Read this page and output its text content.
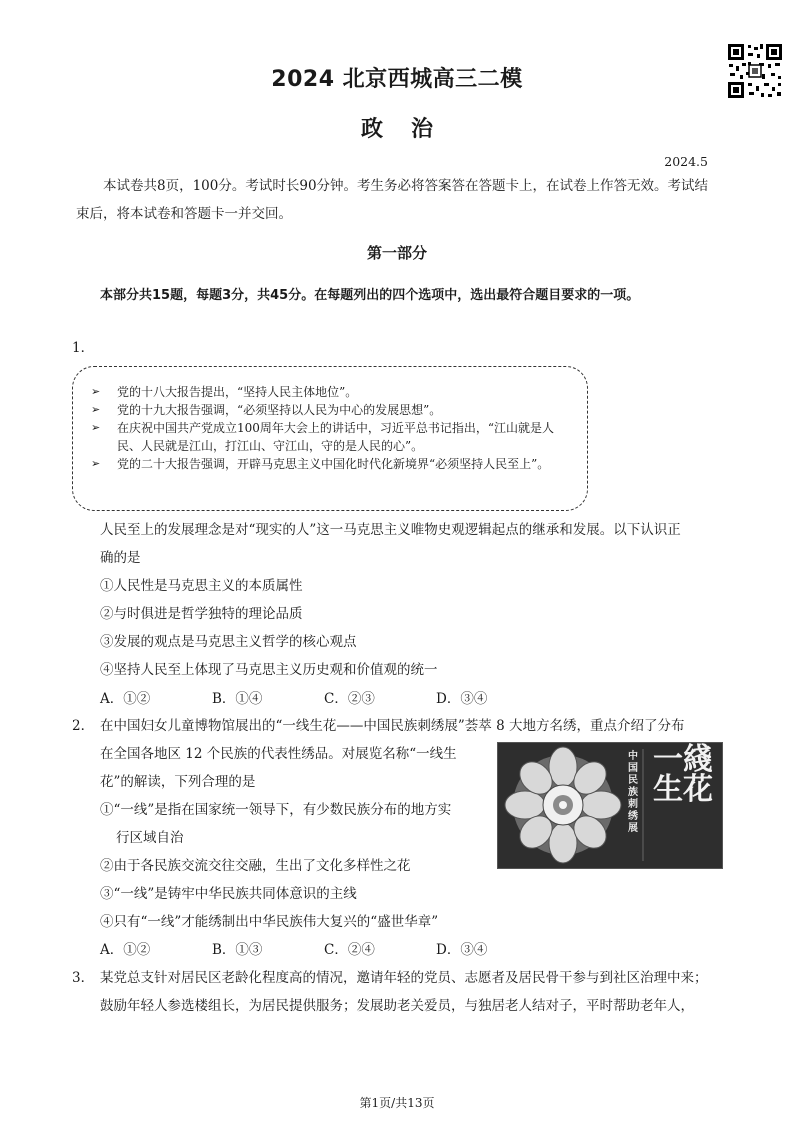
2024 北京西城高三二模
政治
2024.5
本试卷共8页，100分。考试时长90分钟。考生务必将答案答在答题卡上，在试卷上作答无效。考试结束后，将本试卷和答题卡一并交回。
第一部分
本部分共15题，每题3分，共45分。在每题列出的四个选项中，选出最符合题目要求的一项。
1．
➢ 党的十八大报告提出，“坚持人民主体地位”。
➢ 党的十九大报告强调，“必须坚持以人民为中心的发展思想”。
➢ 在庆祝中国共产党成立100周年大会上的讲话中，习近平总书记指出，“江山就是人民、人民就是江山，打江山、守江山，守的是人民的心”。
➢ 党的二十大报告强调，开辟马克思主义中国化时代化新境界“必须坚持人民至上”。
人民至上的发展理念是对“现实的人”这一马克思主义唯物史观逻辑起点的继承和发展。以下认识正
确的是
①人民性是马克思主义的本质属性
②与时俱进是哲学独特的理论品质
③发展的观点是马克思主义哲学的核心观点
④坚持人民至上体现了马克思主义历史观和价值观的统一
A．①②	B．①④	C．②③	D．③④
2． 在中国妇女儿童博物馆展出的“一线生花——中国民族刺绣展”荟萃 8 大地方名绣，重点介绍了分布
在全国各地区 12 个民族的代表性绣品。对展览名称“一线生
花”的解读，下列合理的是
①“一线”是指在国家统一领导下，有少数民族分布的地方实
行区域自治
②由于各民族交流交往交融，生出了文化多样性之花
③“一线”是铸牢中华民族共同体意识的主线
④只有“一线”才能绣制出中华民族伟大复兴的“盛世华章”
A．①②	B．①③	C．②④	D．③④
中国民族刺绣展
一綫生花
3． 某党总支针对居民区老龄化程度高的情况，邀请年轻的党员、志愿者及居民骨干参与到社区治理中来；
鼓励年轻人参选楼组长，为居民提供服务；发展助老关爱员，与独居老人结对子，平时帮助老年人，
第1页/共13页
